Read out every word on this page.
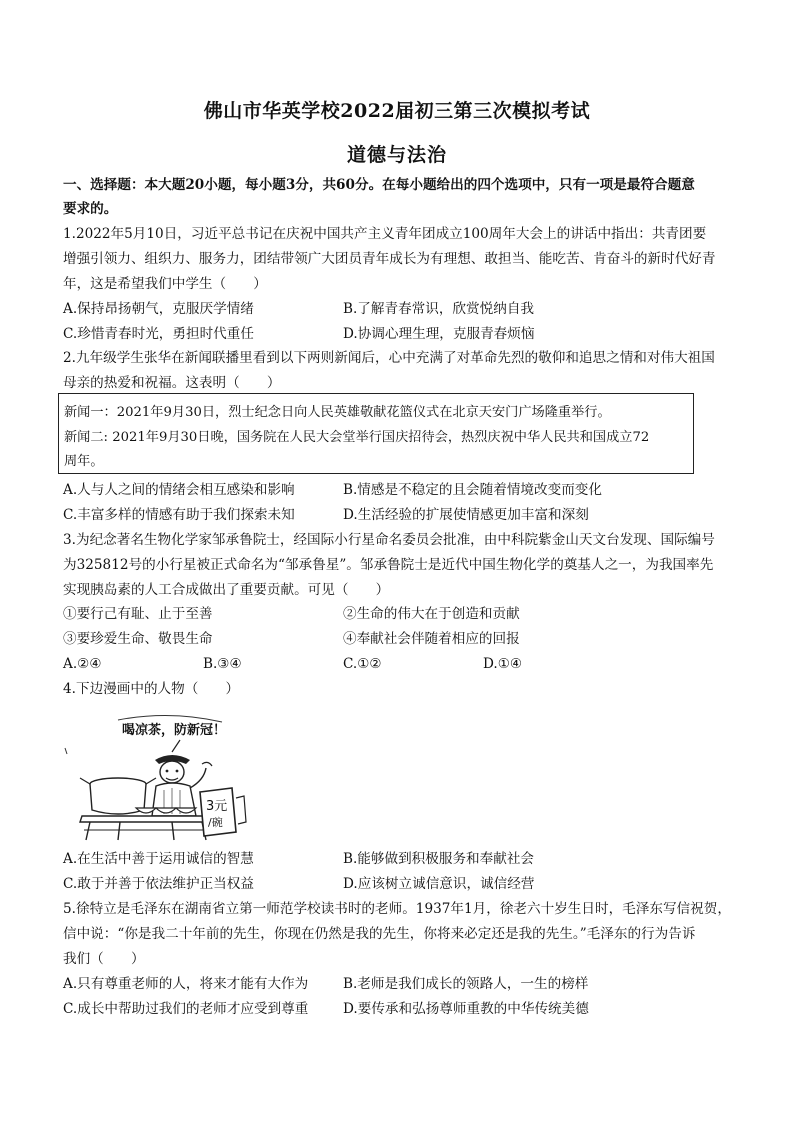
佛山市华英学校2022届初三第三次模拟考试
道德与法治
一、选择题：本大题20小题，每小题3分，共60分。在每小题给出的四个选项中，只有一项是最符合题意
要求的。
1.2022年5月10日，习近平总书记在庆祝中国共产主义青年团成立100周年大会上的讲话中指出：共青团要
增强引领力、组织力、服务力，团结带领广大团员青年成长为有理想、敢担当、能吃苦、肯奋斗的新时代好青
年，这是希望我们中学生（　　）
A.保持昂扬朝气，克服厌学情绪	B.了解青春常识，欣赏悦纳自我
C.珍惜青春时光，勇担时代重任	D.协调心理生理，克服青春烦恼
2.九年级学生张华在新闻联播里看到以下两则新闻后，心中充满了对革命先烈的敬仰和追思之情和对伟大祖国
母亲的热爱和祝福。这表明（　　）
新闻一：2021年9月30日，烈士纪念日向人民英雄敬献花篮仪式在北京天安门广场隆重举行。
新闻二: 2021年9月30日晚，国务院在人民大会堂举行国庆招待会，热烈庆祝中华人民共和国成立72
周年。
A.人与人之间的情绪会相互感染和影响	B.情感是不稳定的且会随着情境改变而变化
C.丰富多样的情感有助于我们探索未知	D.生活经验的扩展使情感更加丰富和深刻
3.为纪念著名生物化学家邹承鲁院士，经国际小行星命名委员会批准，由中科院紫金山天文台发现、国际编号
为325812号的小行星被正式命名为“邹承鲁星”。邹承鲁院士是近代中国生物化学的奠基人之一，为我国率先
实现胰岛素的人工合成做出了重要贡献。可见（　　）
①要行己有耻、止于至善	②生命的伟大在于创造和贡献
③要珍爱生命、敬畏生命	④奉献社会伴随着相应的回报
A.②④	B.③④	C.①②	D.①④
4.下边漫画中的人物（　　）
喝凉茶，防新冠！
3元
/碗
A.在生活中善于运用诚信的智慧	B.能够做到积极服务和奉献社会
C.敢于并善于依法维护正当权益	D.应该树立诚信意识，诚信经营
5.徐特立是毛泽东在湖南省立第一师范学校读书时的老师。1937年1月，徐老六十岁生日时，毛泽东写信祝贺，
信中说：“你是我二十年前的先生，你现在仍然是我的先生，你将来必定还是我的先生。”毛泽东的行为告诉
我们（　　）
A.只有尊重老师的人，将来才能有大作为	B.老师是我们成长的领路人，一生的榜样
C.成长中帮助过我们的老师才应受到尊重	D.要传承和弘扬尊师重教的中华传统美德
